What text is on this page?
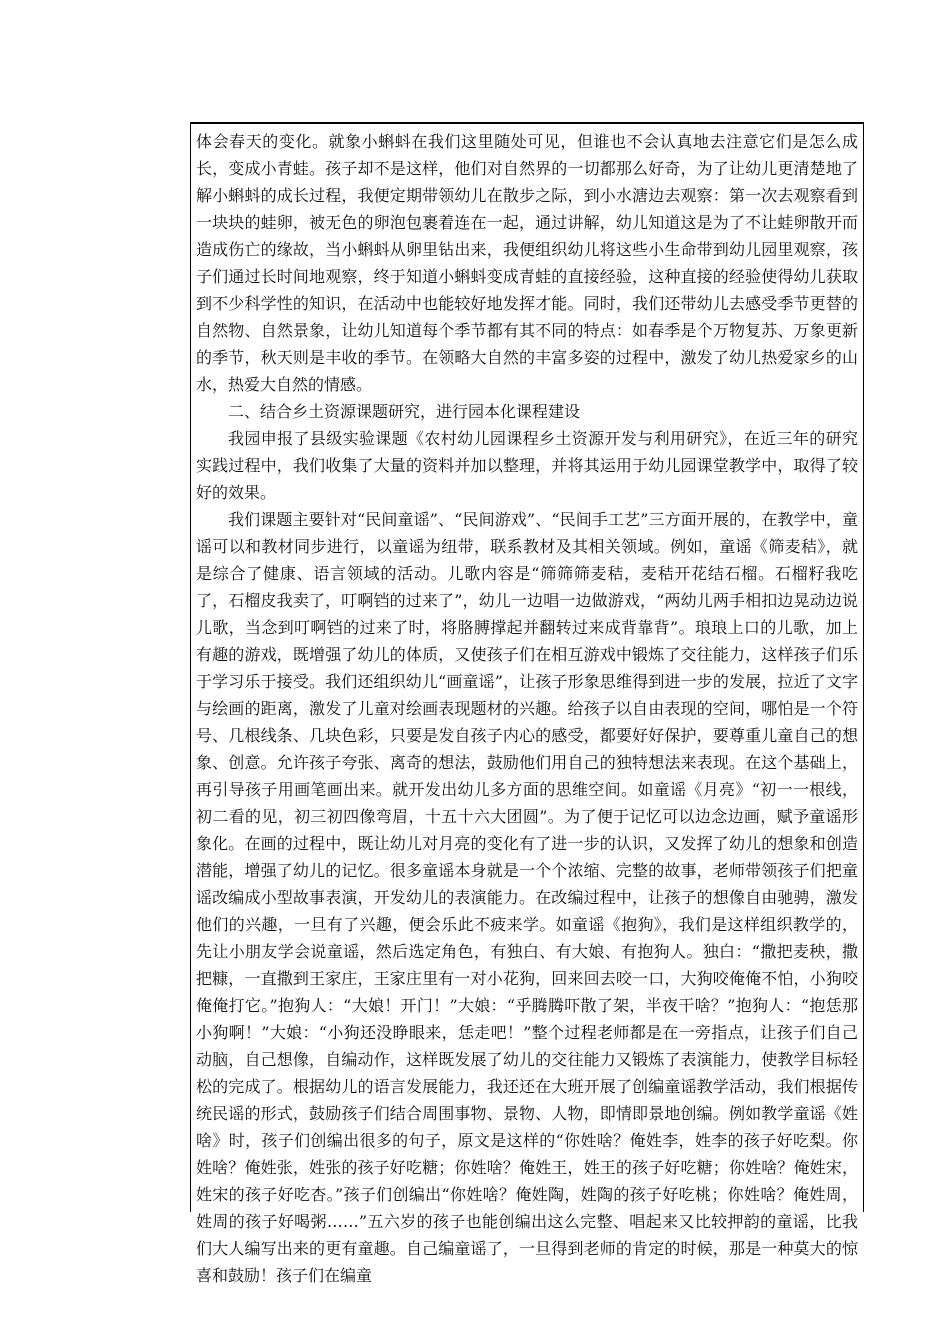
体会春天的变化。就象小蝌蚪在我们这里随处可见，但谁也不会认真地去注意它们是怎么成长，变成小青蛙。孩子却不是这样，他们对自然界的一切都那么好奇，为了让幼儿更清楚地了解小蝌蚪的成长过程，我便定期带领幼儿在散步之际，到小水溏边去观察：第一次去观察看到一块块的蛙卵，被无色的卵泡包裹着连在一起，通过讲解，幼儿知道这是为了不让蛙卵散开而造成伤亡的缘故，当小蝌蚪从卵里钻出来，我便组织幼儿将这些小生命带到幼儿园里观察，孩子们通过长时间地观察，终于知道小蝌蚪变成青蛙的直接经验，这种直接的经验使得幼儿获取到不少科学性的知识，在活动中也能较好地发挥才能。同时，我们还带幼儿去感受季节更替的自然物、自然景象，让幼儿知道每个季节都有其不同的特点：如春季是个万物复苏、万象更新的季节，秋天则是丰收的季节。在领略大自然的丰富多姿的过程中，激发了幼儿热爱家乡的山水，热爱大自然的情感。

二、结合乡土资源课题研究，进行园本化课程建设

我园申报了县级实验课题《农村幼儿园课程乡土资源开发与利用研究》，在近三年的研究实践过程中，我们收集了大量的资料并加以整理，并将其运用于幼儿园课堂教学中，取得了较好的效果。

我们课题主要针对“民间童谣”、“民间游戏”、“民间手工艺”三方面开展的，在教学中，童谣可以和教材同步进行，以童谣为纽带，联系教材及其相关领域。例如，童谣《筛麦秸》，就是综合了健康、语言领域的活动。儿歌内容是“筛筛筛麦秸，麦秸开花结石榴。石榴籽我吃了，石榴皮我卖了，叮啊铛的过来了”，幼儿一边唱一边做游戏，“两幼儿两手相扣边晃动边说儿歌，当念到叮啊铛的过来了时，将胳膊撑起并翻转过来成背靠背”。琅琅上口的儿歌，加上有趣的游戏，既增强了幼儿的体质，又使孩子们在相互游戏中锻炼了交往能力，这样孩子们乐于学习乐于接受。我们还组织幼儿“画童谣”，让孩子形象思维得到进一步的发展，拉近了文字与绘画的距离，激发了儿童对绘画表现题材的兴趣。给孩子以自由表现的空间，哪怕是一个符号、几根线条、几块色彩，只要是发自孩子内心的感受，都要好好保护，要尊重儿童自己的想象、创意。允许孩子夸张、离奇的想法，鼓励他们用自己的独特想法来表现。在这个基础上，再引导孩子用画笔画出来。就开发出幼儿多方面的思维空间。如童谣《月亮》“初一一根线，初二看的见，初三初四像弯眉，十五十六大团圆”。为了便于记忆可以边念边画，赋予童谣形象化。在画的过程中，既让幼儿对月亮的变化有了进一步的认识，又发挥了幼儿的想象和创造潜能，增强了幼儿的记忆。很多童谣本身就是一个个浓缩、完整的故事，老师带领孩子们把童谣改编成小型故事表演，开发幼儿的表演能力。在改编过程中，让孩子的想像自由驰骋，激发他们的兴趣，一旦有了兴趣，便会乐此不疲来学。如童谣《抱狗》，我们是这样组织教学的，先让小朋友学会说童谣，然后选定角色，有独白、有大娘、有抱狗人。独白：“撒把麦秧，撒把糠，一直撒到王家庄，王家庄里有一对小花狗，回来回去咬一口，大狗咬俺俺不怕，小狗咬俺俺打它。”抱狗人：“大娘！开门！”大娘：“乎腾腾吓散了架，半夜干啥？”抱狗人：“抱恁那小狗啊！”大娘：“小狗还没睁眼来，恁走吧！”整个过程老师都是在一旁指点，让孩子们自己动脑，自己想像，自编动作，这样既发展了幼儿的交往能力又锻炼了表演能力，使教学目标轻松的完成了。根据幼儿的语言发展能力，我还还在大班开展了创编童谣教学活动，我们根据传统民谣的形式，鼓励孩子们结合周围事物、景物、人物，即情即景地创编。例如教学童谣《姓啥》时，孩子们创编出很多的句子，原文是这样的“你姓啥？俺姓李，姓李的孩子好吃梨。你姓啥？俺姓张，姓张的孩子好吃糖；你姓啥？俺姓王，姓王的孩子好吃糖；你姓啥？俺姓宋，姓宋的孩子好吃杏。”孩子们创编出“你姓啥？俺姓陶，姓陶的孩子好吃桃；你姓啥？俺姓周，姓周的孩子好喝粥……”五六岁的孩子也能创编出这么完整、唱起来又比较押韵的童谣，比我们大人编写出来的更有童趣。自己编童谣了，一旦得到老师的肯定的时候，那是一种莫大的惊喜和鼓励！孩子们在编童
